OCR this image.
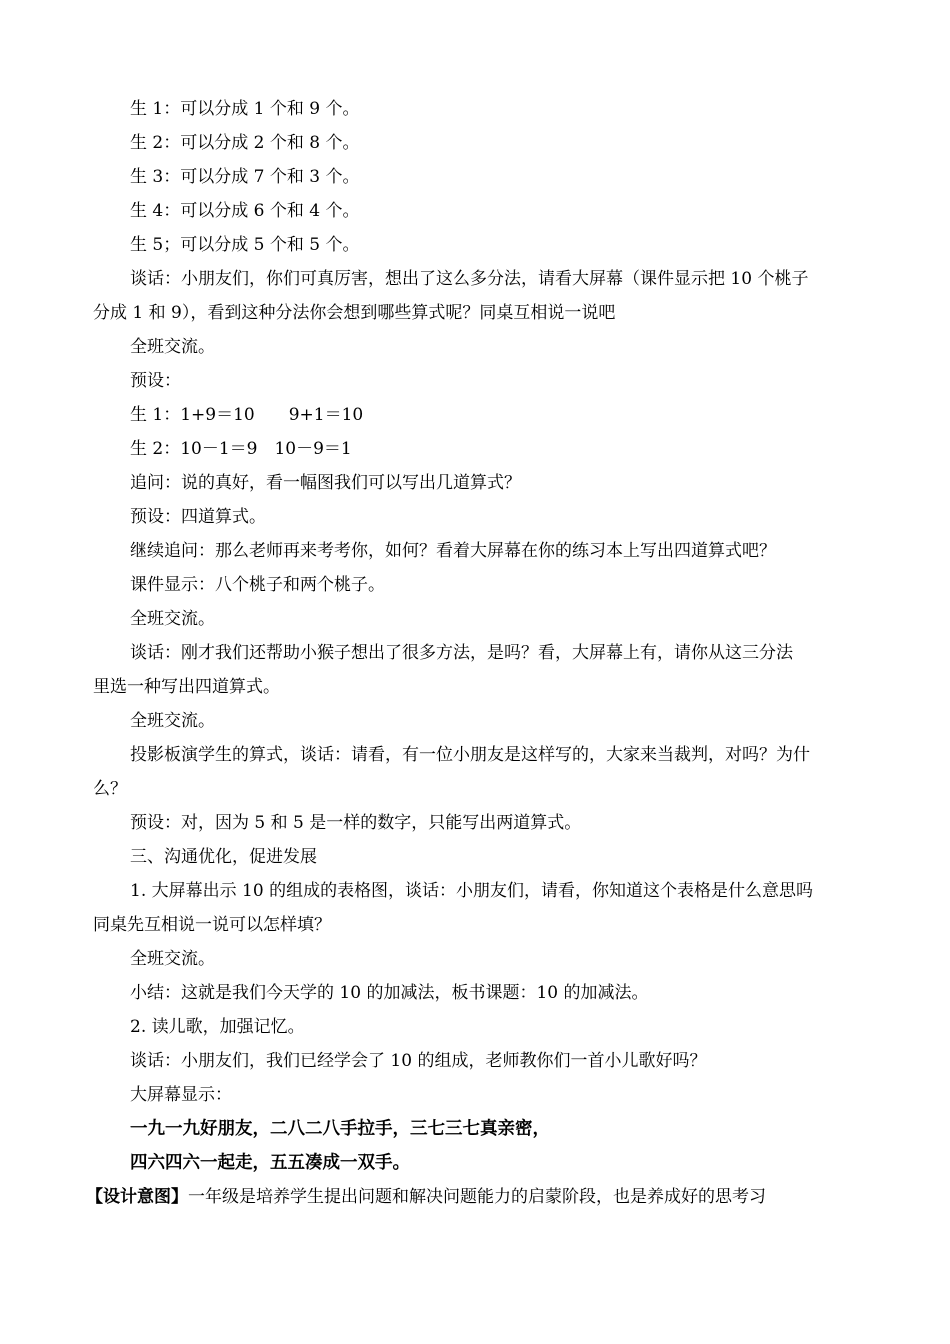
生 1：可以分成 1 个和 9 个。
生 2：可以分成 2 个和 8 个。
生 3：可以分成 7 个和 3 个。
生 4：可以分成 6 个和 4 个。
生 5；可以分成 5 个和 5 个。
谈话：小朋友们，你们可真厉害，想出了这么多分法，请看大屏幕（课件显示把 10 个桃子
分成 1 和 9），看到这种分法你会想到哪些算式呢？同桌互相说一说吧
全班交流。
预设：
生 1：1+9＝10　　9+1＝10
生 2：10－1＝9　10－9＝1
追问：说的真好，看一幅图我们可以写出几道算式？
预设：四道算式。
继续追问：那么老师再来考考你，如何？看着大屏幕在你的练习本上写出四道算式吧？
课件显示：八个桃子和两个桃子。
全班交流。
谈话：刚才我们还帮助小猴子想出了很多方法，是吗？看，大屏幕上有，请你从这三分法
里选一种写出四道算式。
全班交流。
投影板演学生的算式，谈话：请看，有一位小朋友是这样写的，大家来当裁判，对吗？为什
么？
预设：对，因为 5 和 5 是一样的数字，只能写出两道算式。
三、沟通优化，促进发展
1. 大屏幕出示 10 的组成的表格图，谈话：小朋友们，请看，你知道这个表格是什么意思吗
同桌先互相说一说可以怎样填？
全班交流。
小结：这就是我们今天学的 10 的加减法，板书课题：10 的加减法。
2. 读儿歌，加强记忆。
谈话：小朋友们，我们已经学会了 10 的组成，老师教你们一首小儿歌好吗？
大屏幕显示：
一九一九好朋友，二八二八手拉手，三七三七真亲密，
四六四六一起走，五五凑成一双手。
【设计意图】一年级是培养学生提出问题和解决问题能力的启蒙阶段，也是养成好的思考习
